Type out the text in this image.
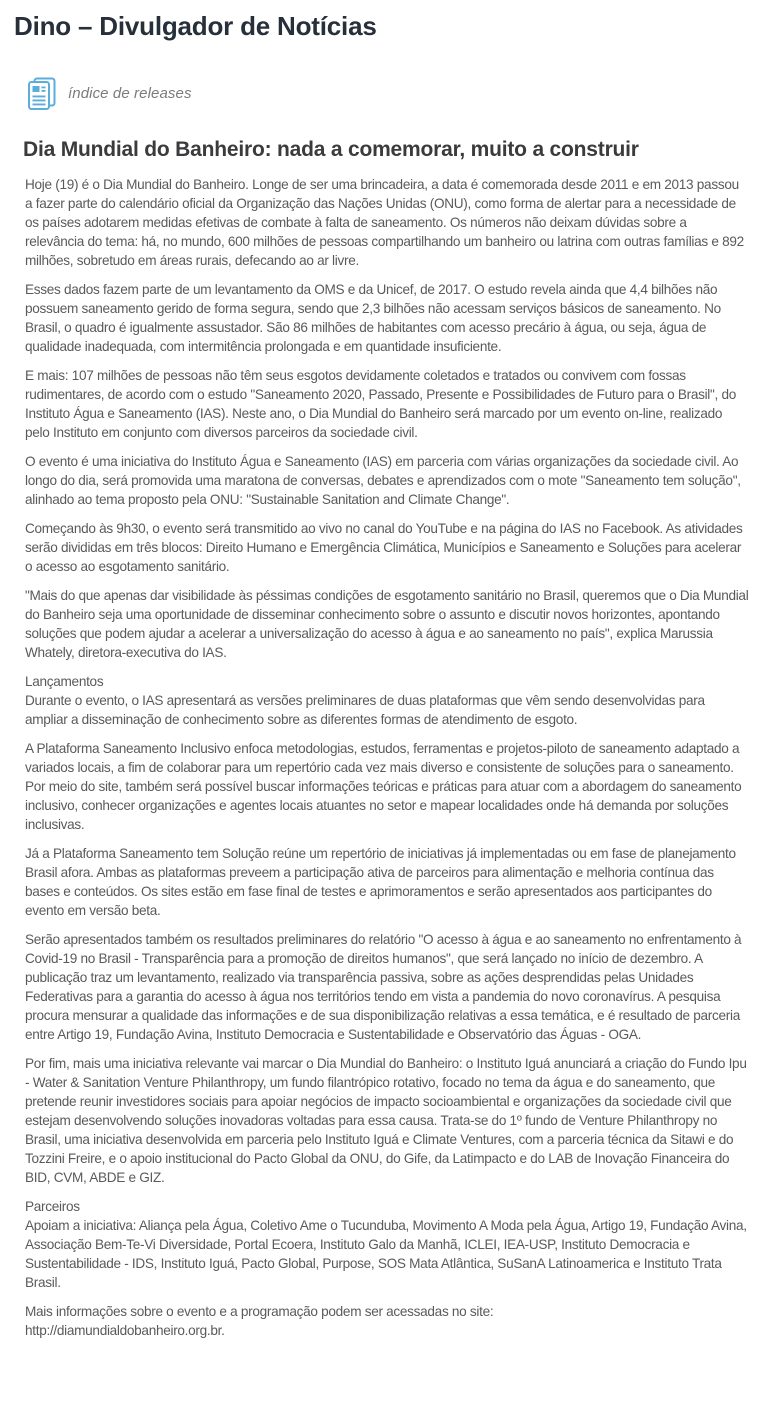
Dino – Divulgador de Notícias
índice de releases
Dia Mundial do Banheiro: nada a comemorar, muito a construir

Hoje (19) é o Dia Mundial do Banheiro. Longe de ser uma brincadeira, a data é comemorada desde 2011 e em 2013 passou a fazer parte do calendário oficial da Organização das Nações Unidas (ONU), como forma de alertar para a necessidade de os países adotarem medidas efetivas de combate à falta de saneamento. Os números não deixam dúvidas sobre a relevância do tema: há, no mundo, 600 milhões de pessoas compartilhando um banheiro ou latrina com outras famílias e 892 milhões, sobretudo em áreas rurais, defecando ao ar livre.

Esses dados fazem parte de um levantamento da OMS e da Unicef, de 2017. O estudo revela ainda que 4,4 bilhões não possuem saneamento gerido de forma segura, sendo que 2,3 bilhões não acessam serviços básicos de saneamento. No Brasil, o quadro é igualmente assustador. São 86 milhões de habitantes com acesso precário à água, ou seja, água de qualidade inadequada, com intermitência prolongada e em quantidade insuficiente.

E mais: 107 milhões de pessoas não têm seus esgotos devidamente coletados e tratados ou convivem com fossas rudimentares, de acordo com o estudo "Saneamento 2020, Passado, Presente e Possibilidades de Futuro para o Brasil", do Instituto Água e Saneamento (IAS). Neste ano, o Dia Mundial do Banheiro será marcado por um evento on-line, realizado pelo Instituto em conjunto com diversos parceiros da sociedade civil.

O evento é uma iniciativa do Instituto Água e Saneamento (IAS) em parceria com várias organizações da sociedade civil. Ao longo do dia, será promovida uma maratona de conversas, debates e aprendizados com o mote "Saneamento tem solução", alinhado ao tema proposto pela ONU: "Sustainable Sanitation and Climate Change".

Começando às 9h30, o evento será transmitido ao vivo no canal do YouTube e na página do IAS no Facebook. As atividades serão divididas em três blocos: Direito Humano e Emergência Climática, Municípios e Saneamento e Soluções para acelerar o acesso ao esgotamento sanitário.

"Mais do que apenas dar visibilidade às péssimas condições de esgotamento sanitário no Brasil, queremos que o Dia Mundial do Banheiro seja uma oportunidade de disseminar conhecimento sobre o assunto e discutir novos horizontes, apontando soluções que podem ajudar a acelerar a universalização do acesso à água e ao saneamento no país", explica Marussia Whately, diretora-executiva do IAS.

Lançamentos
Durante o evento, o IAS apresentará as versões preliminares de duas plataformas que vêm sendo desenvolvidas para ampliar a disseminação de conhecimento sobre as diferentes formas de atendimento de esgoto.

A Plataforma Saneamento Inclusivo enfoca metodologias, estudos, ferramentas e projetos-piloto de saneamento adaptado a variados locais, a fim de colaborar para um repertório cada vez mais diverso e consistente de soluções para o saneamento. Por meio do site, também será possível buscar informações teóricas e práticas para atuar com a abordagem do saneamento inclusivo, conhecer organizações e agentes locais atuantes no setor e mapear localidades onde há demanda por soluções inclusivas.

Já a Plataforma Saneamento tem Solução reúne um repertório de iniciativas já implementadas ou em fase de planejamento Brasil afora. Ambas as plataformas preveem a participação ativa de parceiros para alimentação e melhoria contínua das bases e conteúdos. Os sites estão em fase final de testes e aprimoramentos e serão apresentados aos participantes do evento em versão beta.

Serão apresentados também os resultados preliminares do relatório "O acesso à água e ao saneamento no enfrentamento à Covid-19 no Brasil - Transparência para a promoção de direitos humanos", que será lançado no início de dezembro. A publicação traz um levantamento, realizado via transparência passiva, sobre as ações desprendidas pelas Unidades Federativas para a garantia do acesso à água nos territórios tendo em vista a pandemia do novo coronavírus. A pesquisa procura mensurar a qualidade das informações e de sua disponibilização relativas a essa temática, e é resultado de parceria entre Artigo 19, Fundação Avina, Instituto Democracia e Sustentabilidade e Observatório das Águas - OGA.

Por fim, mais uma iniciativa relevante vai marcar o Dia Mundial do Banheiro: o Instituto Iguá anunciará a criação do Fundo Ipu - Water & Sanitation Venture Philanthropy, um fundo filantrópico rotativo, focado no tema da água e do saneamento, que pretende reunir investidores sociais para apoiar negócios de impacto socioambiental e organizações da sociedade civil que estejam desenvolvendo soluções inovadoras voltadas para essa causa. Trata-se do 1º fundo de Venture Philanthropy no Brasil, uma iniciativa desenvolvida em parceria pelo Instituto Iguá e Climate Ventures, com a parceria técnica da Sitawi e do Tozzini Freire, e o apoio institucional do Pacto Global da ONU, do Gife, da Latimpacto e do LAB de Inovação Financeira do BID, CVM, ABDE e GIZ.

Parceiros
Apoiam a iniciativa: Aliança pela Água, Coletivo Ame o Tucunduba, Movimento A Moda pela Água, Artigo 19, Fundação Avina, Associação Bem-Te-Vi Diversidade, Portal Ecoera, Instituto Galo da Manhã, ICLEI, IEA-USP, Instituto Democracia e Sustentabilidade - IDS, Instituto Iguá, Pacto Global, Purpose, SOS Mata Atlântica, SuSanA Latinoamerica e Instituto Trata Brasil.

Mais informações sobre o evento e a programação podem ser acessadas no site:
http://diamundialdobanheiro.org.br.
